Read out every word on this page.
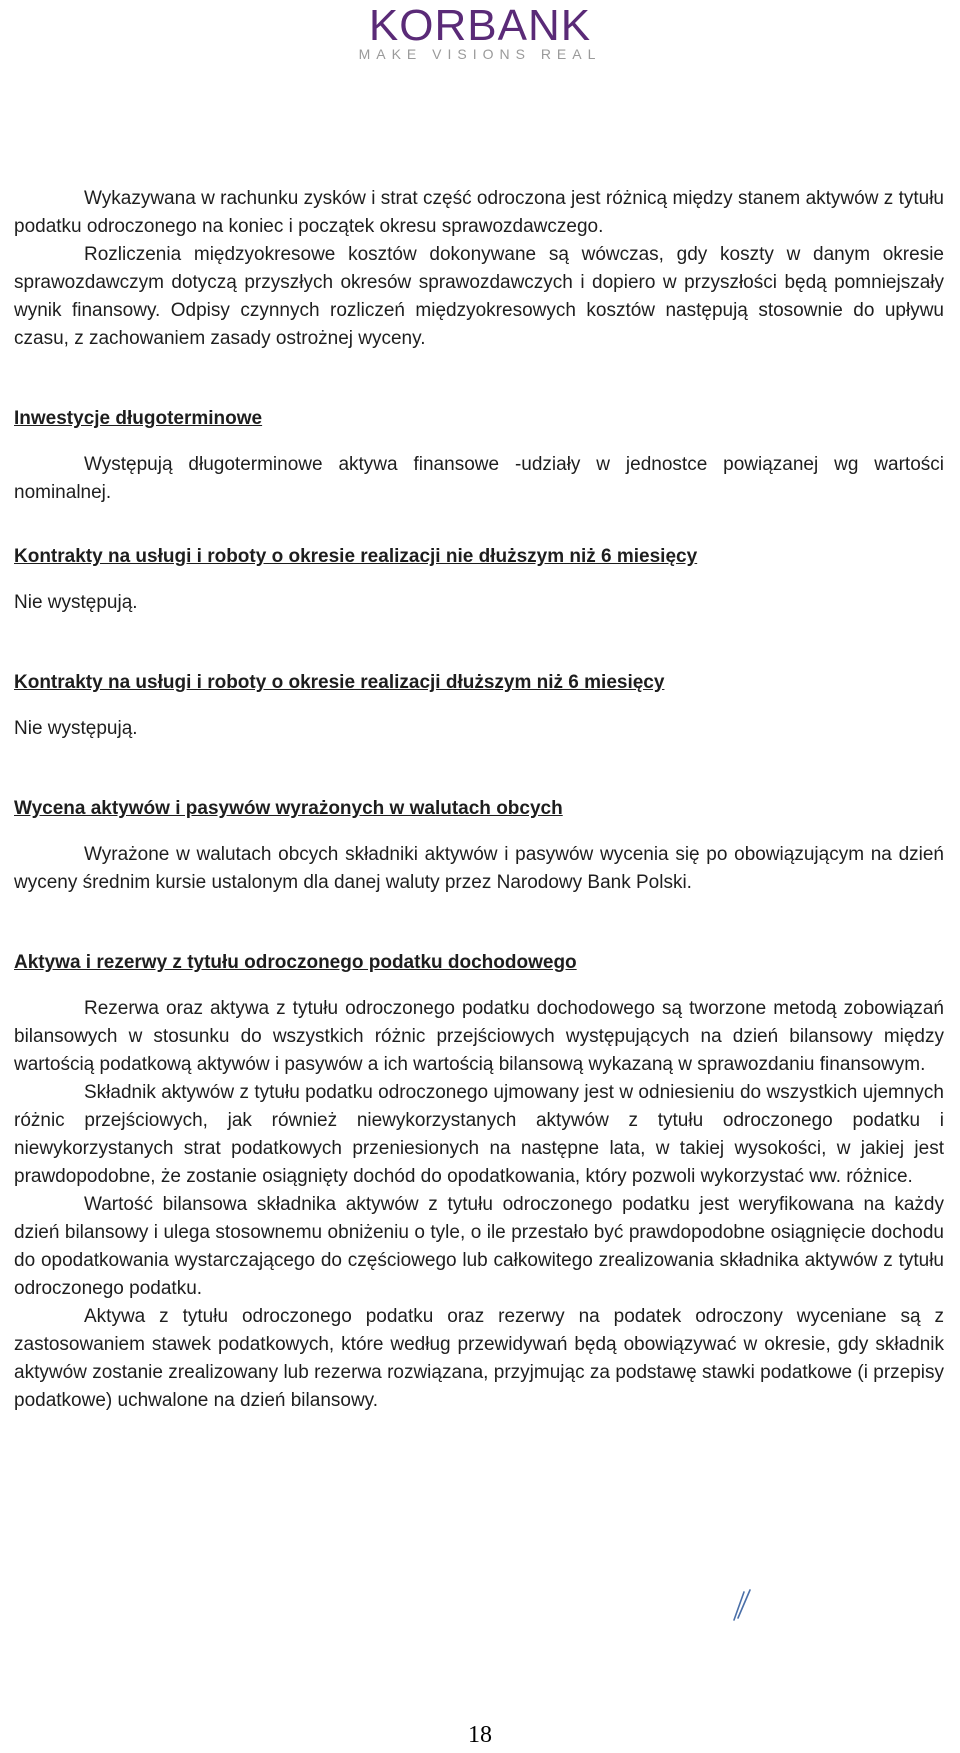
KORBANK
MAKE VISIONS REAL

Wykazywana w rachunku zysków i strat część odroczona jest różnicą między stanem aktywów z tytułu podatku odroczonego na koniec i początek okresu sprawozdawczego.

Rozliczenia międzyokresowe kosztów dokonywane są wówczas, gdy koszty w danym okresie sprawozdawczym dotyczą przyszłych okresów sprawozdawczych i dopiero w przyszłości będą pomniejszały wynik finansowy. Odpisy czynnych rozliczeń międzyokresowych kosztów następują stosownie do upływu czasu, z zachowaniem zasady ostrożnej wyceny.

Inwestycje długoterminowe

Występują długoterminowe aktywa finansowe -udziały w jednostce powiązanej wg wartości nominalnej.

Kontrakty na usługi i roboty o okresie realizacji nie dłuższym niż 6 miesięcy

Nie występują.

Kontrakty na usługi i roboty o okresie realizacji dłuższym niż 6 miesięcy

Nie występują.

Wycena aktywów i pasywów wyrażonych w walutach obcych

Wyrażone w walutach obcych składniki aktywów i pasywów wycenia się po obowiązującym na dzień wyceny średnim kursie ustalonym dla danej waluty przez Narodowy Bank Polski.

Aktywa i rezerwy z tytułu odroczonego podatku dochodowego

Rezerwa oraz aktywa z tytułu odroczonego podatku dochodowego są tworzone metodą zobowiązań bilansowych w stosunku do wszystkich różnic przejściowych występujących na dzień bilansowy między wartością podatkową aktywów i pasywów a ich wartością bilansową wykazaną w sprawozdaniu finansowym.

Składnik aktywów z tytułu podatku odroczonego ujmowany jest w odniesieniu do wszystkich ujemnych różnic przejściowych, jak również niewykorzystanych aktywów z tytułu odroczonego podatku i niewykorzystanych strat podatkowych przeniesionych na następne lata, w takiej wysokości, w jakiej jest prawdopodobne, że zostanie osiągnięty dochód do opodatkowania, który pozwoli wykorzystać ww. różnice.

Wartość bilansowa składnika aktywów z tytułu odroczonego podatku jest weryfikowana na każdy dzień bilansowy i ulega stosownemu obniżeniu o tyle, o ile przestało być prawdopodobne osiągnięcie dochodu do opodatkowania wystarczającego do częściowego lub całkowitego zrealizowania składnika aktywów z tytułu odroczonego podatku.

Aktywa z tytułu odroczonego podatku oraz rezerwy na podatek odroczony wyceniane są z zastosowaniem stawek podatkowych, które według przewidywań będą obowiązywać w okresie, gdy składnik aktywów zostanie zrealizowany lub rezerwa rozwiązana, przyjmując za podstawę stawki podatkowe (i przepisy podatkowe) uchwalone na dzień bilansowy.

18
